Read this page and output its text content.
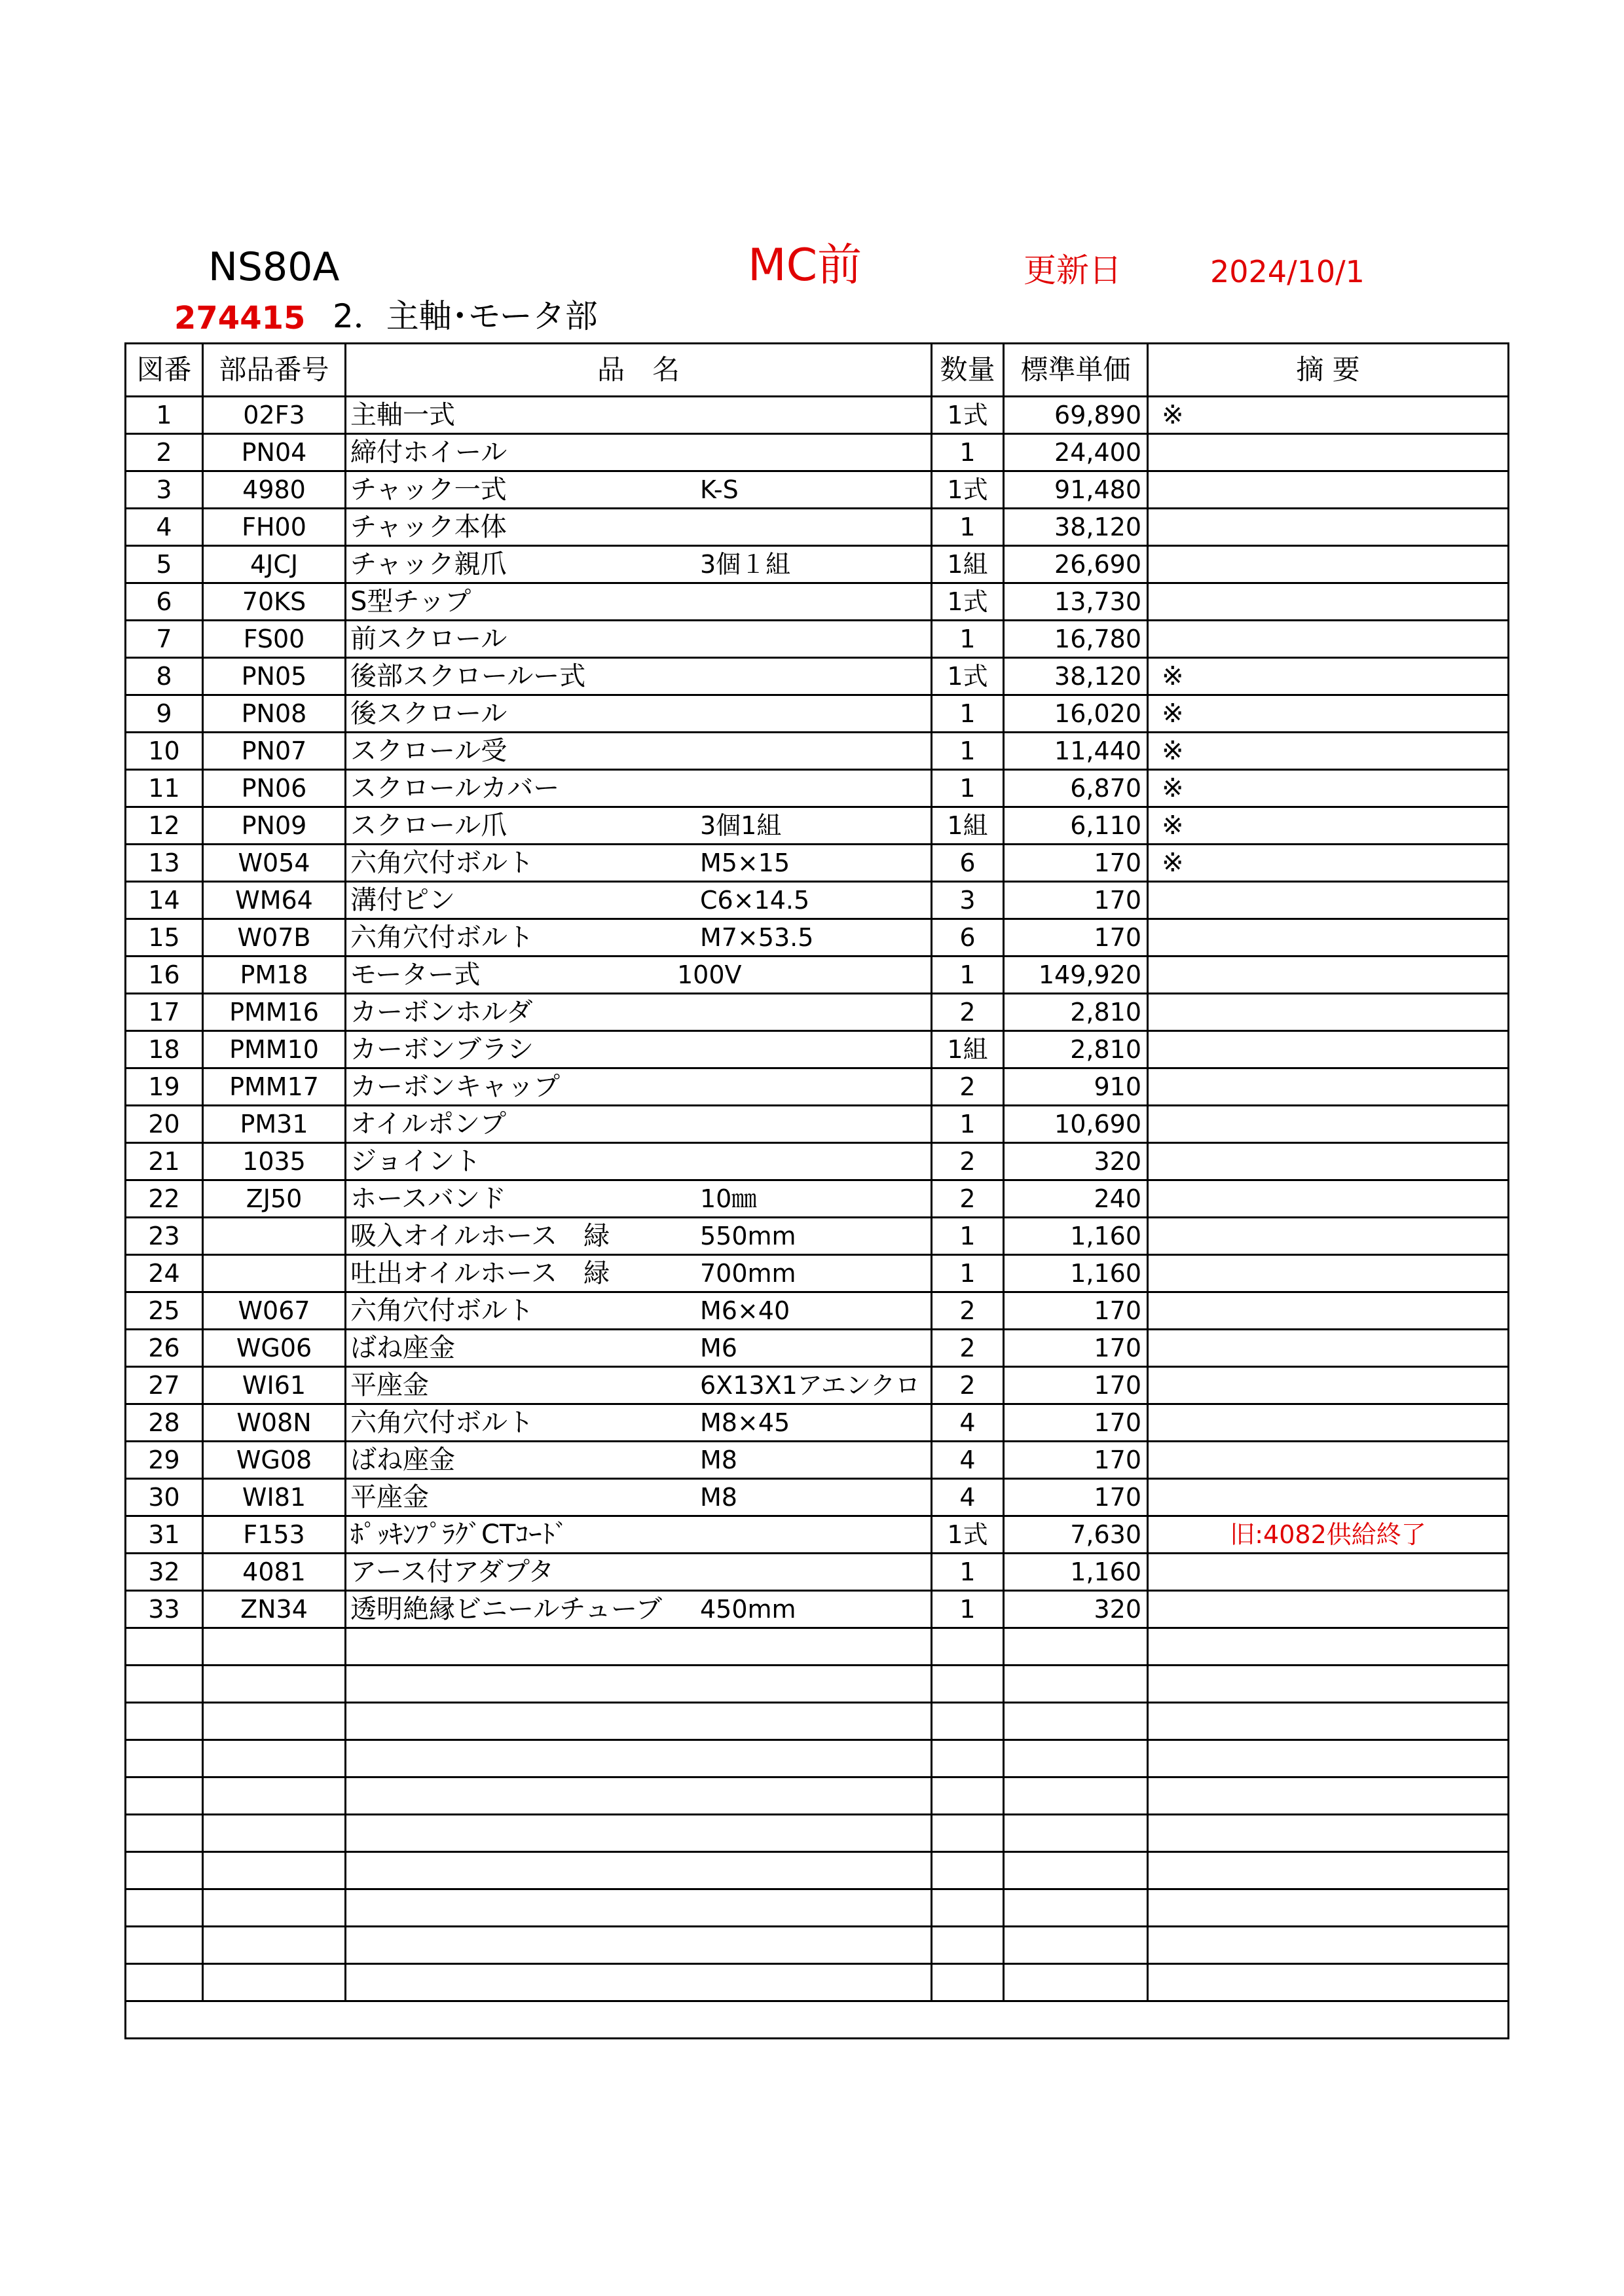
NS80A	MC前	更新日	2024/10/1
274415 2．主軸･モータ部
図番	部品番号	品　名	数量	標準単価	摘 要
1	02F3	主軸一式	1式	69,890	※
2	PN04	締付ホイール	1	24,400	
3	4980	チャック一式 K-S	1式	91,480	
4	FH00	チャック本体	1	38,120	
5	4JCJ	チャック親爪 3個１組	1組	26,690	
6	70KS	S型チップ	1式	13,730	
7	FS00	前スクロール	1	16,780	
8	PN05	後部スクロールー式	1式	38,120	※
9	PN08	後スクロール	1	16,020	※
10	PN07	スクロール受	1	11,440	※
11	PN06	スクロールカバー	1	6,870	※
12	PN09	スクロール爪 3個1組	1組	6,110	※
13	W054	六角穴付ボルト M5×15	6	170	※
14	WM64	溝付ピン C6×14.5	3	170	
15	W07B	六角穴付ボルト M7×53.5	6	170	
16	PM18	モーター式 100V	1	149,920	
17	PMM16	カーボンホルダ	2	2,810	
18	PMM10	カーボンブラシ	1組	2,810	
19	PMM17	カーボンキャップ	2	910	
20	PM31	オイルポンプ	1	10,690	
21	1035	ジョイント	2	320	
22	ZJ50	ホースバンド 10㎜	2	240	
23		吸入オイルホース　緑 550mm	1	1,160	
24		吐出オイルホース　緑 700mm	1	1,160	
25	W067	六角穴付ボルト M6×40	2	170	
26	WG06	ばね座金 M6	2	170	
27	WI61	平座金 6X13X1アエンクロ	2	170	
28	W08N	六角穴付ボルト M8×45	4	170	
29	WG08	ばね座金 M8	4	170	
30	WI81	平座金 M8	4	170	
31	F153	ﾎﾟｯｷﾝﾌﾟﾗｸﾞCTｺｰﾄﾞ	1式	7,630	旧:4082供給終了
32	4081	アース付アダプタ	1	1,160	
33	ZN34	透明絶縁ビニールチューブ 450mm	1	320	
